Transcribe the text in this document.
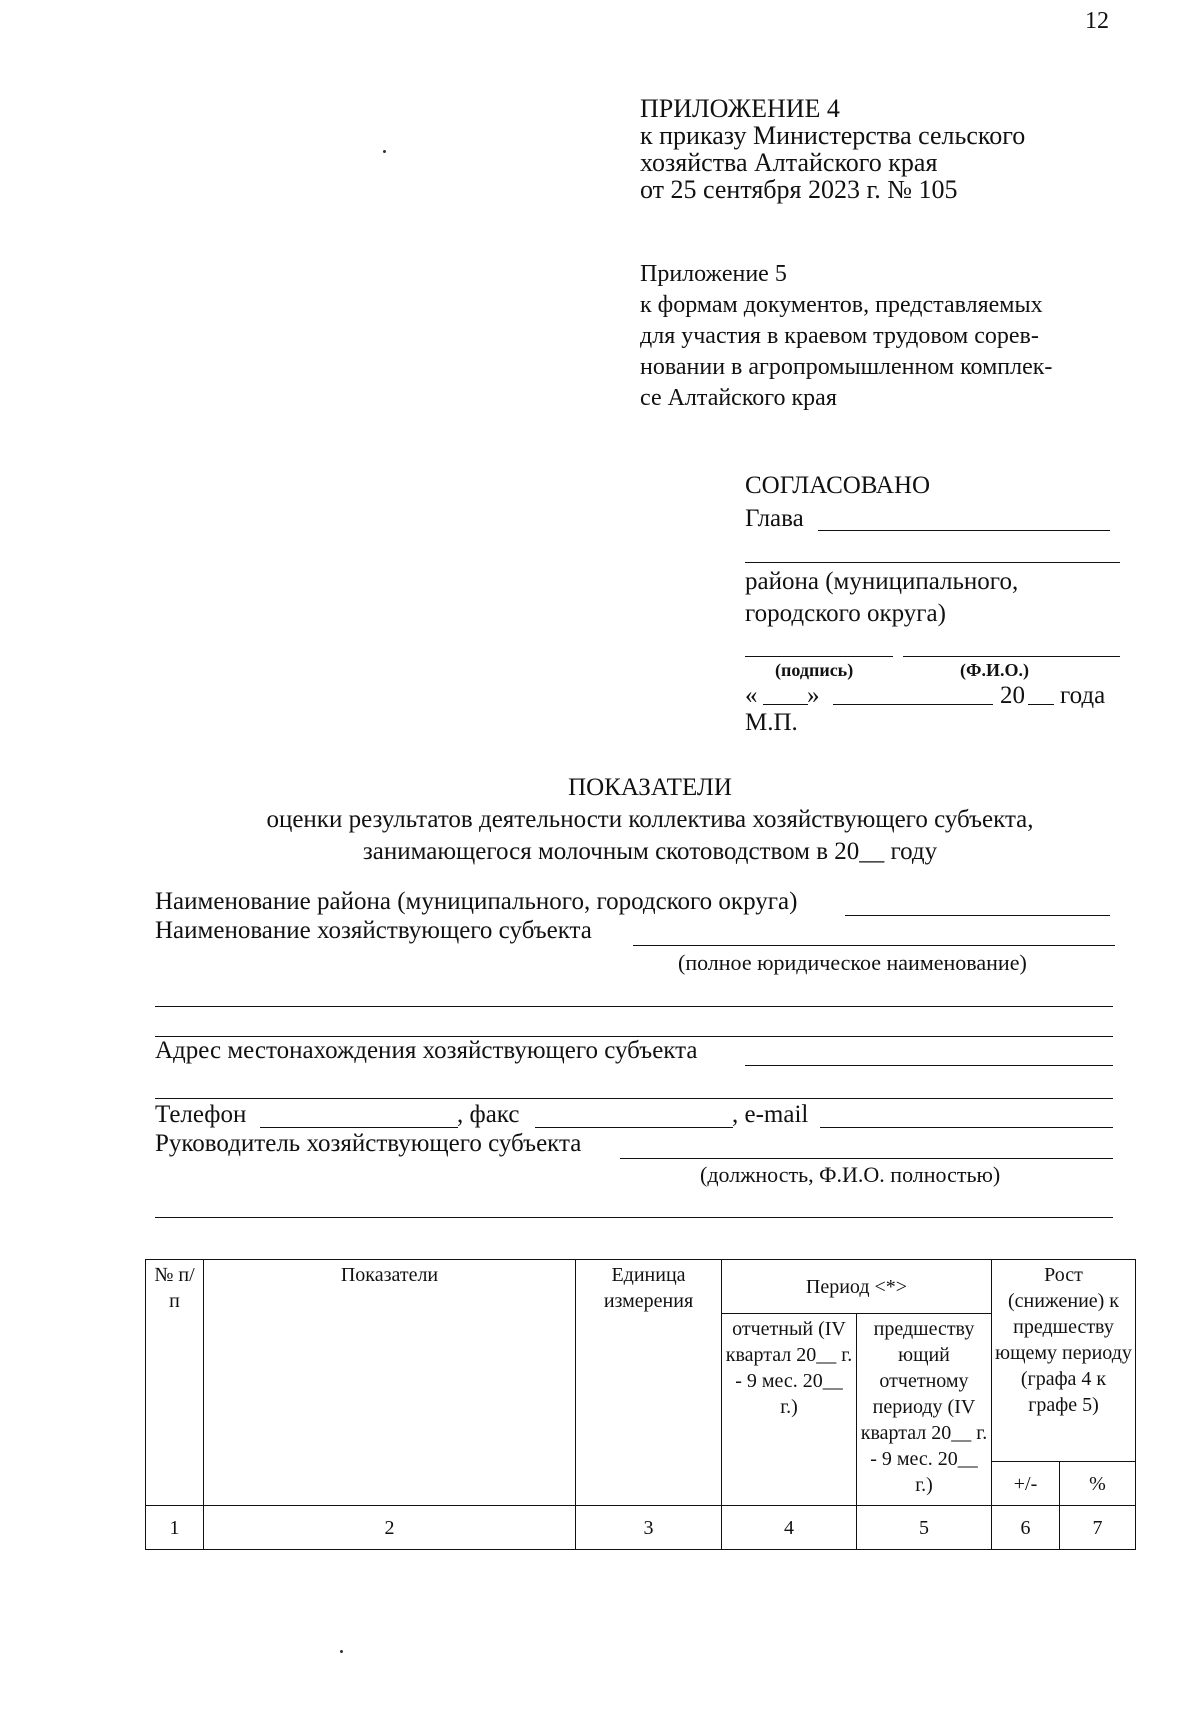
12
ПРИЛОЖЕНИЕ 4
к приказу Министерства сельского
хозяйства Алтайского края
от 25 сентября 2023 г. № 105
Приложение 5
к формам документов, представляемых
для участия в краевом трудовом сорев-
новании в агропромышленном комплек-
се Алтайского края
СОГЛАСОВАНО
Глава
района (муниципального,
городского округа)
(подпись)	(Ф.И.О.)
« »	20 года
М.П.
ПОКАЗАТЕЛИ
оценки результатов деятельности коллектива хозяйствующего субъекта,
занимающегося молочным скотоводством в 20__ году
Наименование района (муниципального, городского округа)
Наименование хозяйствующего субъекта
(полное юридическое наименование)
Адрес местонахождения хозяйствующего субъекта
Телефон	, факс	, e-mail
Руководитель хозяйствующего субъекта
(должность, Ф.И.О. полностью)
№ п/п	Показатели	Единица измерения	Период <*>		Рост (снижение) к предшеству ющему периоду (графа 4 к графе 5)	
			отчетный (IV квартал 20__ г. - 9 мес. 20__ г.)	предшеству ющий отчетному периоду (IV квартал 20__ г. - 9 мес. 20__ г.)		
					+/-	%
1	2	3	4	5	6	7
